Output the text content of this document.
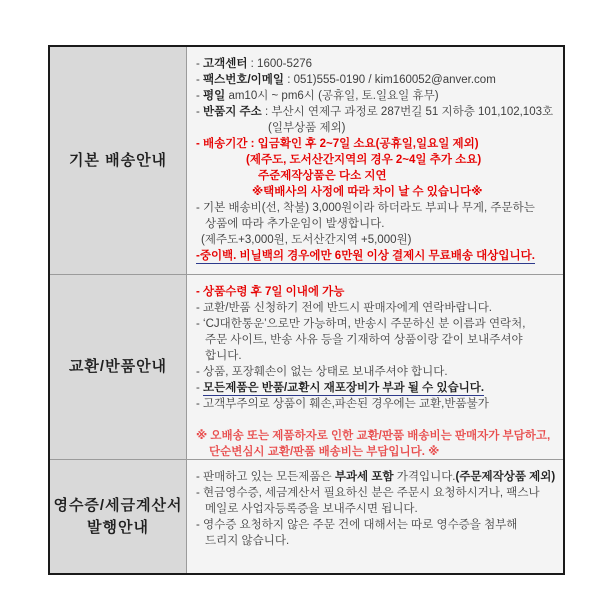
기본 배송안내
- 고객센터 : 1600-5276
- 팩스번호/이메일 : 051)555-0190 / kim160052@anver.com
- 평일 am10시 ~ pm6시 (공휴일, 토.일요일 휴무)
- 반품지 주소 : 부산시 연제구 과정로 287번길 51 지하층 101,102,103호
(일부상품 제외)
- 배송기간 : 입금확인 후 2~7일 소요(공휴일,일요일 제외)
(제주도, 도서산간지역의 경우 2~4일 추가 소요)
주준제작상품은 다소 지연
※택배사의 사정에 따라 차이 날 수 있습니다※
- 기본 배송비(선, 착불) 3,000원이라 하더라도 부피나 무게, 주문하는
상품에 따라 추가운임이 발생합니다.
(제주도+3,000원, 도서산간지역 +5,000원)
-중이백. 비닐백의 경우에만 6만원 이상 결제시 무료배송 대상입니다.
교환/반품안내
- 상품수령 후 7일 이내에 가능
- 교환/반품 신청하기 전에 반드시 판매자에게 연락바랍니다.
- ‘CJ대한통운’으로만 가능하며, 반송시 주문하신 분 이름과 연락처,
주문 사이트, 반송 사유 등을 기재하여 상품이랑 같이 보내주셔야
합니다.
- 상품, 포장훼손이 없는 상태로 보내주셔야 합니다.
- 모든제품은 반품/교환시 재포장비가 부과 될 수 있습니다.
- 고객부주의로 상품이 훼손,파손된 경우에는 교환,반품불가

※ 오배송 또는 제품하자로 인한 교환/판품 배송비는 판매자가 부담하고,
단순변심시 교환/판품 배송비는 부담입니다. ※
영수증/세금계산서
발행안내
- 판매하고 있는 모든제품은 부과세 포함 가격입니다.(주문제작상품 제외)
- 현금영수증, 세금계산서 필요하신 분은 주문시 요청하시거나, 팩스나
메일로 사업자등록증을 보내주시면 됩니다.
- 영수증 요청하지 않은 주문 건에 대해서는 따로 영수증을 첨부해
드리지 않습니다.
